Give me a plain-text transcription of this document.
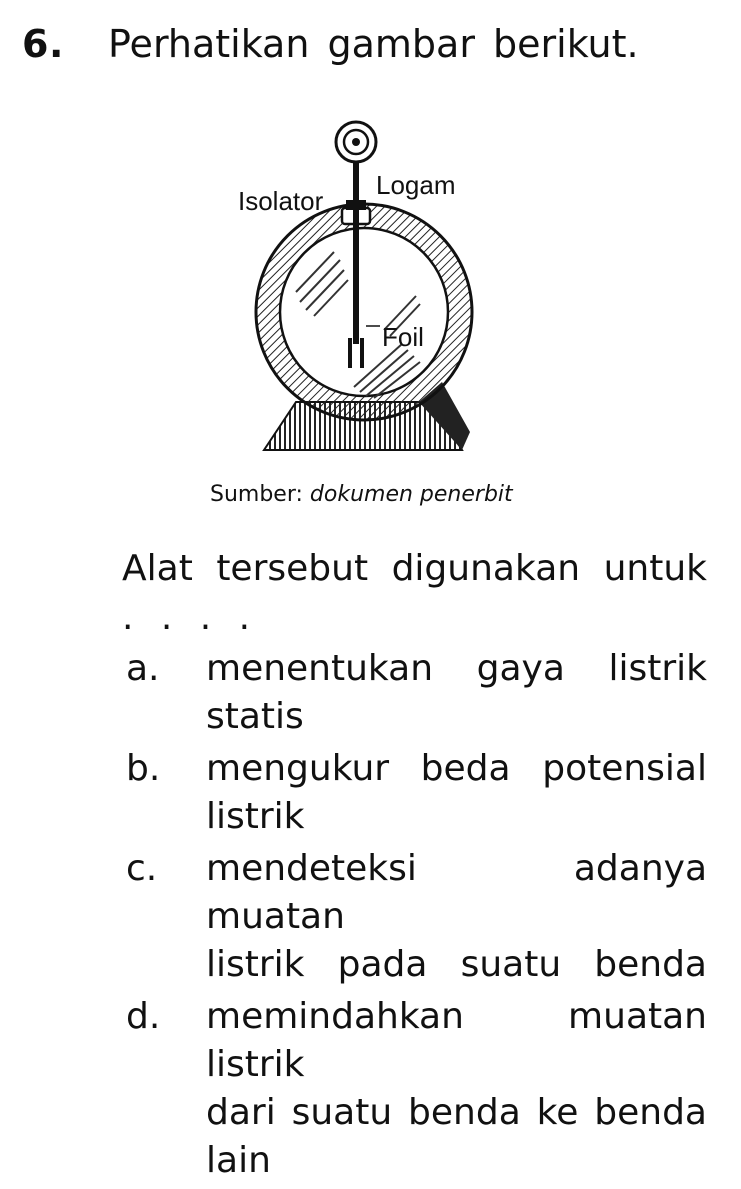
6. Perhatikan gambar berikut.
Isolator
Logam
Foil
Sumber: dokumen penerbit
Alat tersebut digunakan untuk
. . . .
a. menentukan gaya listrik
statis
b. mengukur beda potensial
listrik
c. mendeteksi adanya muatan
listrik pada suatu benda
d. memindahkan muatan listrik
dari suatu benda ke benda
lain
